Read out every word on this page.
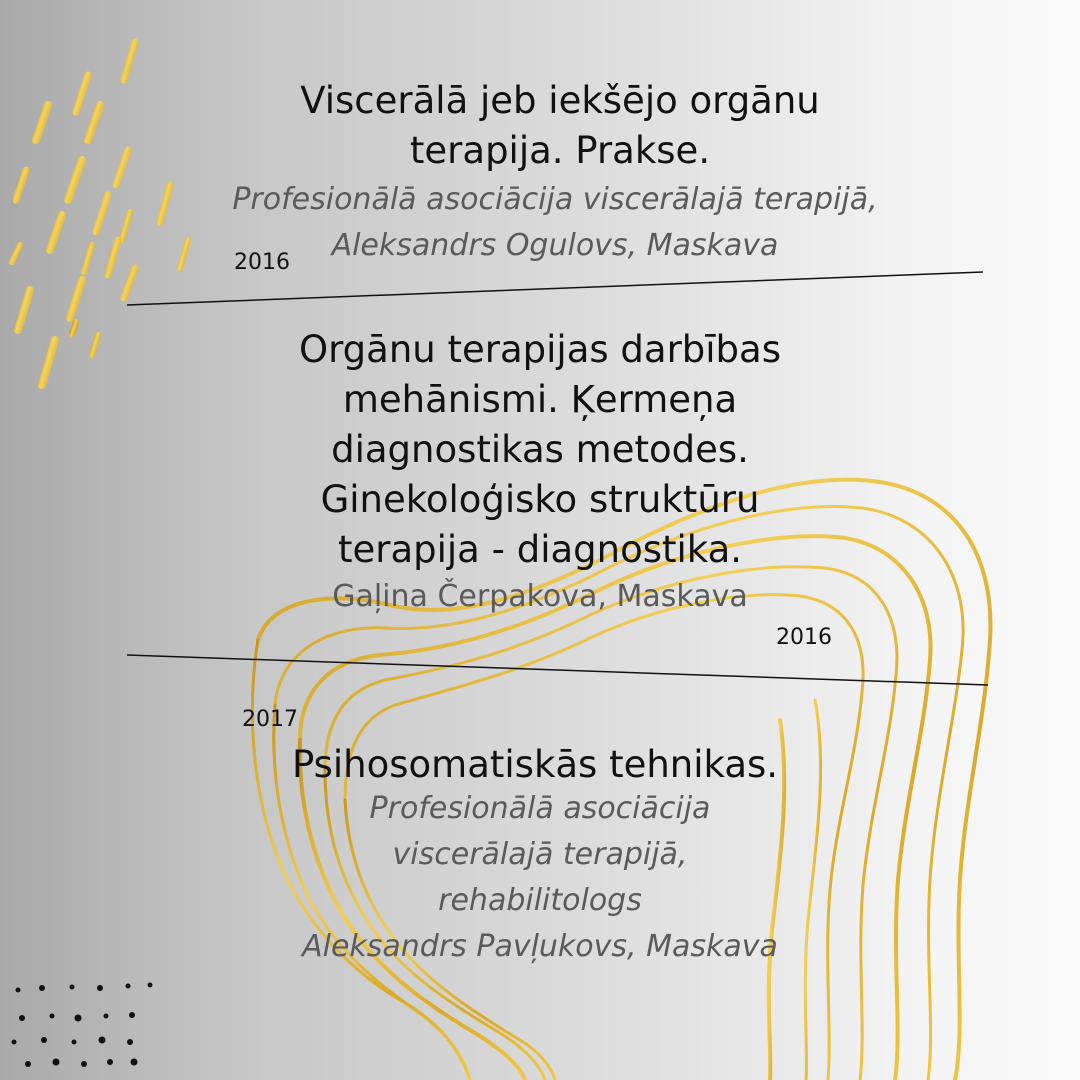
Viscerālā jeb iekšējo orgānu
terapija. Prakse.

Profesionālā asociācija viscerālajā terapijā,
Aleksandrs Ogulovs, Maskava

2016
Orgānu terapijas darbības
mehānismi. Ķermeņa
diagnostikas metodes.
Ginekoloģisko struktūru
terapija - diagnostika.

Gaļina Čerpakova, Maskava

2016
2017
Psihosomatiskās tehnikas.

Profesionālā asociācija
viscerālajā terapijā,
rehabilitologs
Aleksandrs Pavļukovs, Maskava
